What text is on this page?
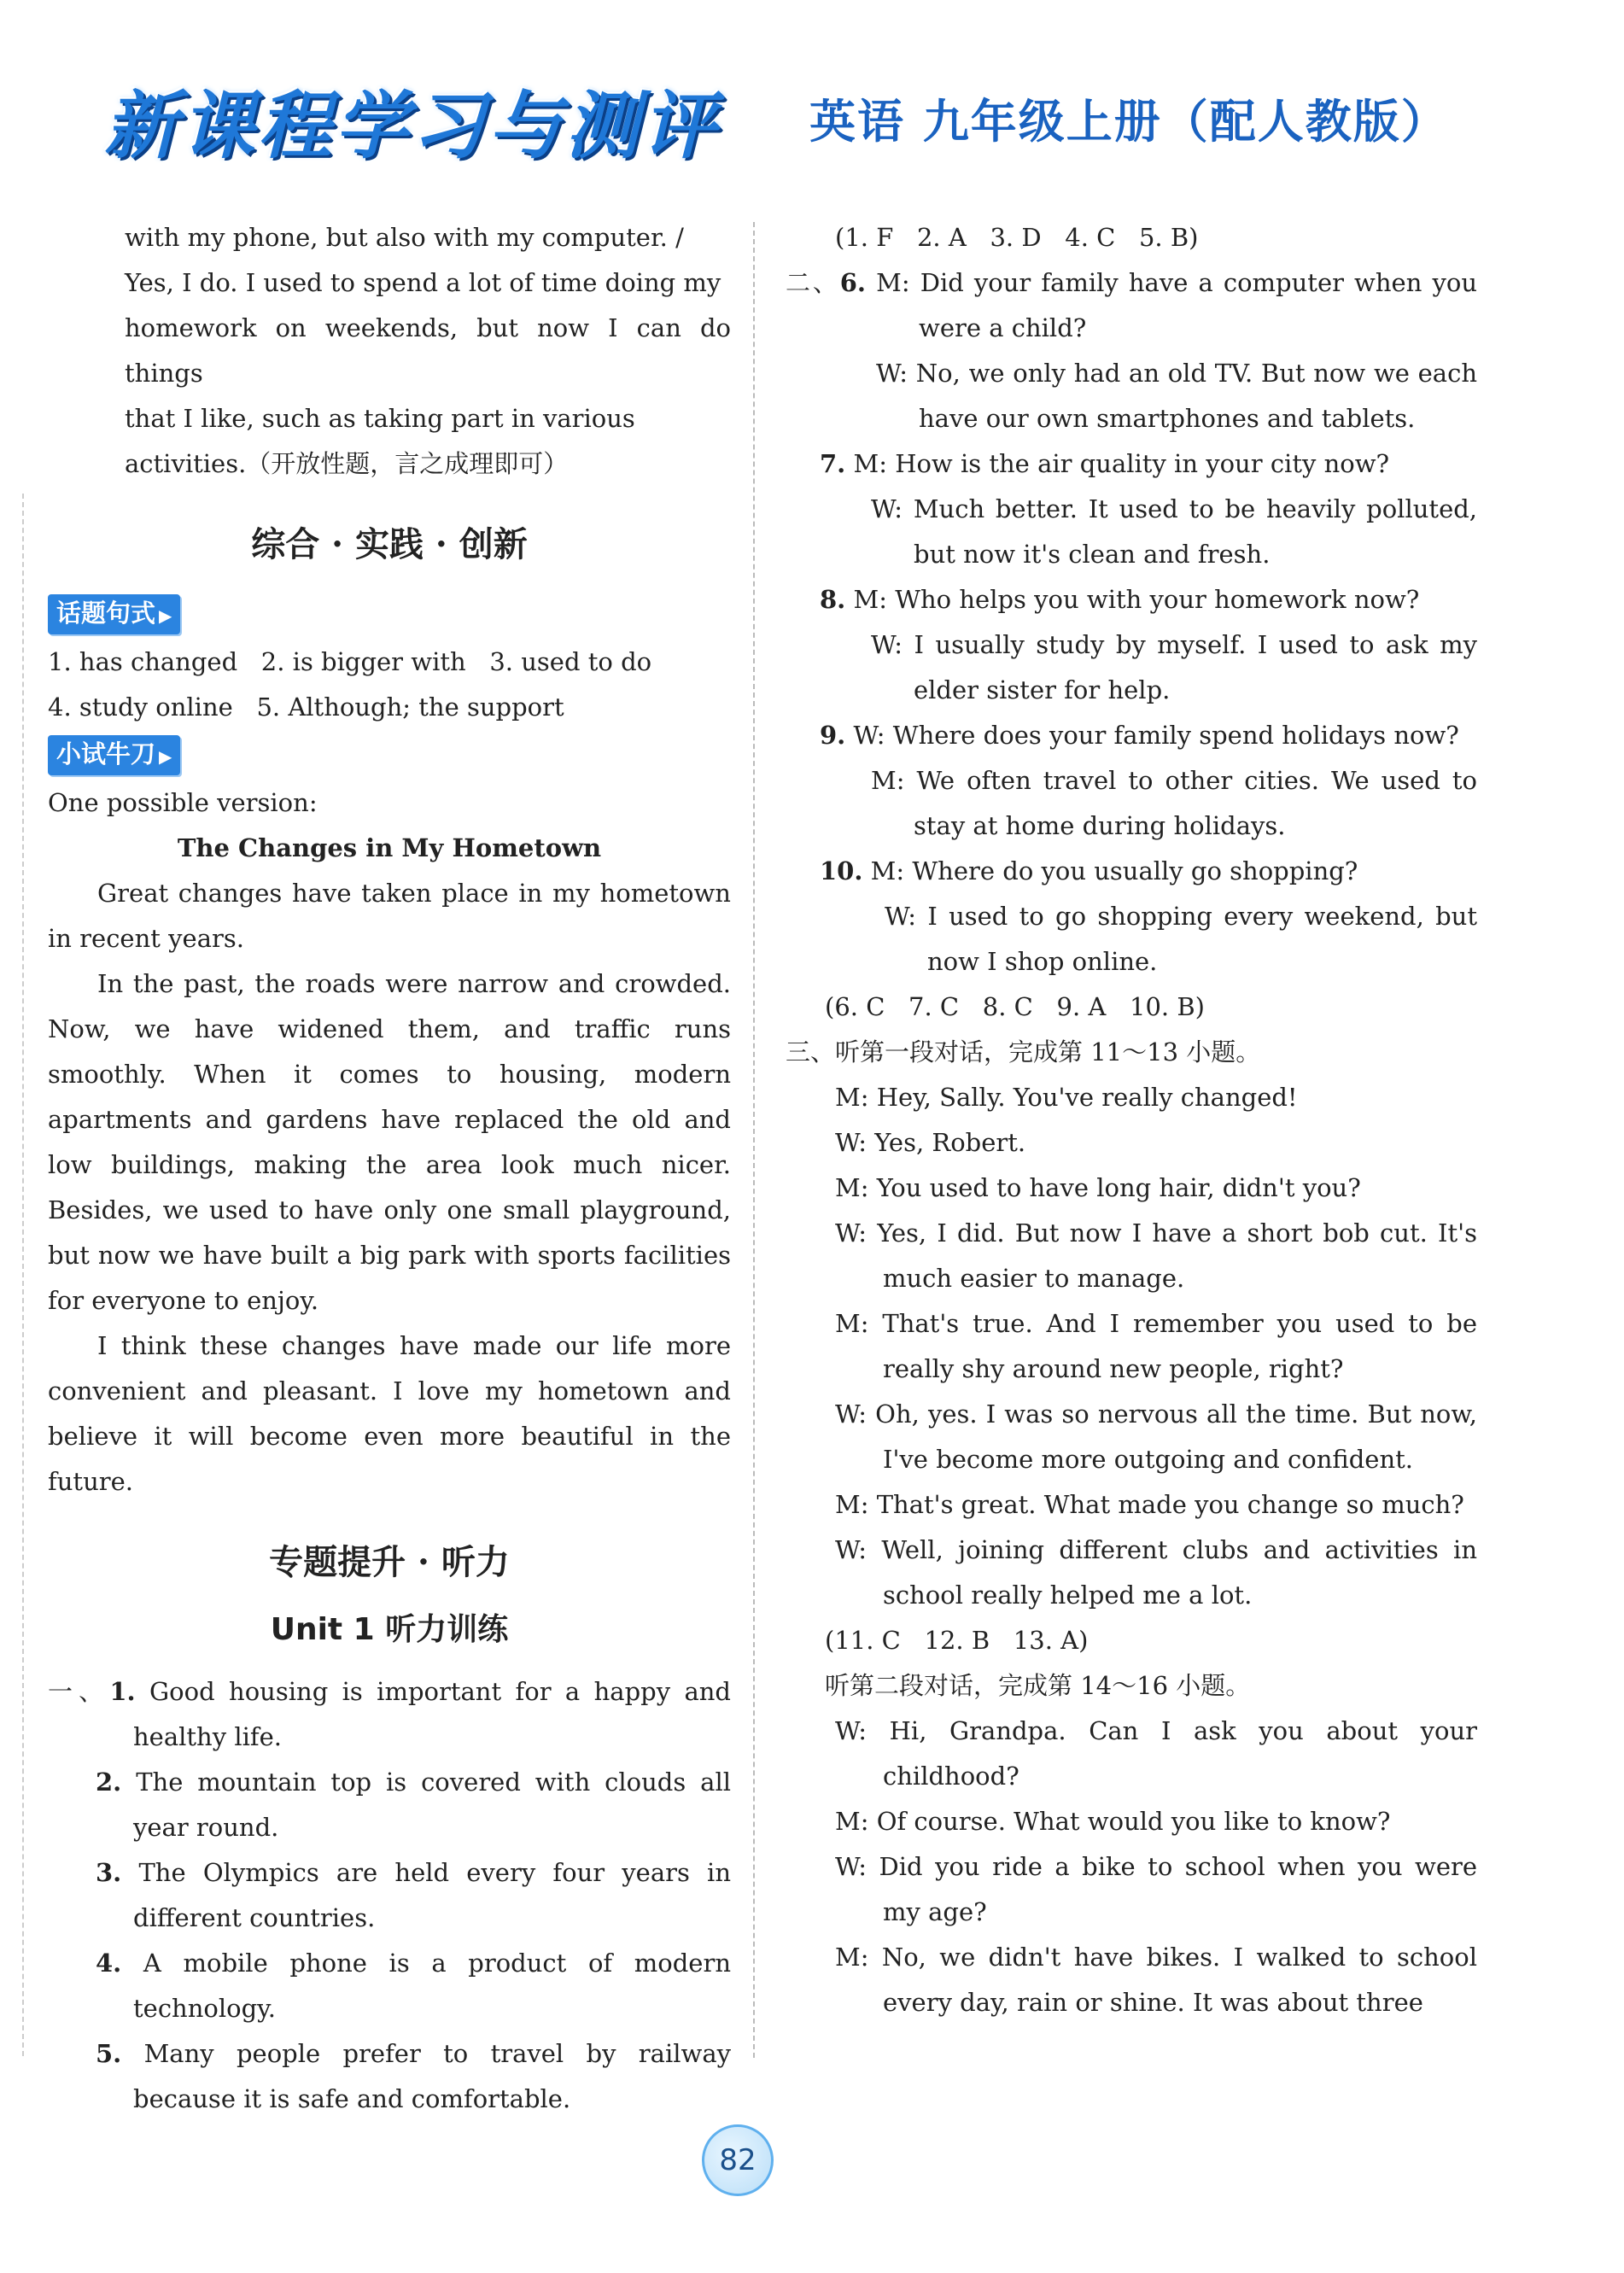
新课程学习与测评 英语 九年级上册（配人教版）

with my phone, but also with my computer. /

Yes, I do. I used to spend a lot of time doing my

homework on weekends, but now I can do things

that I like, such as taking part in various

activities.（开放性题，言之成理即可）

综合 · 实践 · 创新
话题句式 ▶

1. has changed   2. is bigger with   3. used to do

4. study online   5. Although; the support

小试牛刀 ▶

One possible version:

The Changes in My Hometown

Great changes have taken place in my hometown in recent years.

In the past, the roads were narrow and crowded. Now, we have widened them, and traffic runs smoothly. When it comes to housing, modern apartments and gardens have replaced the old and low buildings, making the area look much nicer. Besides, we used to have only one small playground, but now we have built a big park with sports facilities for everyone to enjoy.

I think these changes have made our life more convenient and pleasant. I love my hometown and believe it will become even more beautiful in the future.

专题提升 · 听力
Unit 1 听力训练

一、1. Good housing is important for a happy and healthy life.

2. The mountain top is covered with clouds all year round.

3. The Olympics are held every four years in different countries.

4. A mobile phone is a product of modern technology.

5. Many people prefer to travel by railway because it is safe and comfortable.

(1. F   2. A   3. D   4. C   5. B)

二、6. M: Did your family have a computer when you were a child?

W: No, we only had an old TV. But now we each have our own smartphones and tablets.

7. M: How is the air quality in your city now?

W: Much better. It used to be heavily polluted, but now it's clean and fresh.

8. M: Who helps you with your homework now?

W: I usually study by myself. I used to ask my elder sister for help.

9. W: Where does your family spend holidays now?

M: We often travel to other cities. We used to stay at home during holidays.

10. M: Where do you usually go shopping?

W: I used to go shopping every weekend, but now I shop online.

(6. C   7. C   8. C   9. A   10. B)

三、听第一段对话，完成第 11～13 小题。

M: Hey, Sally. You've really changed!

W: Yes, Robert.

M: You used to have long hair, didn't you?

W: Yes, I did. But now I have a short bob cut. It's much easier to manage.

M: That's true. And I remember you used to be really shy around new people, right?

W: Oh, yes. I was so nervous all the time. But now, I've become more outgoing and confident.

M: That's great. What made you change so much?

W: Well, joining different clubs and activities in school really helped me a lot.

(11. C   12. B   13. A)

听第二段对话，完成第 14～16 小题。

W: Hi, Grandpa. Can I ask you about your childhood?

M: Of course. What would you like to know?

W: Did you ride a bike to school when you were my age?

M: No, we didn't have bikes. I walked to school every day, rain or shine. It was about three

82
